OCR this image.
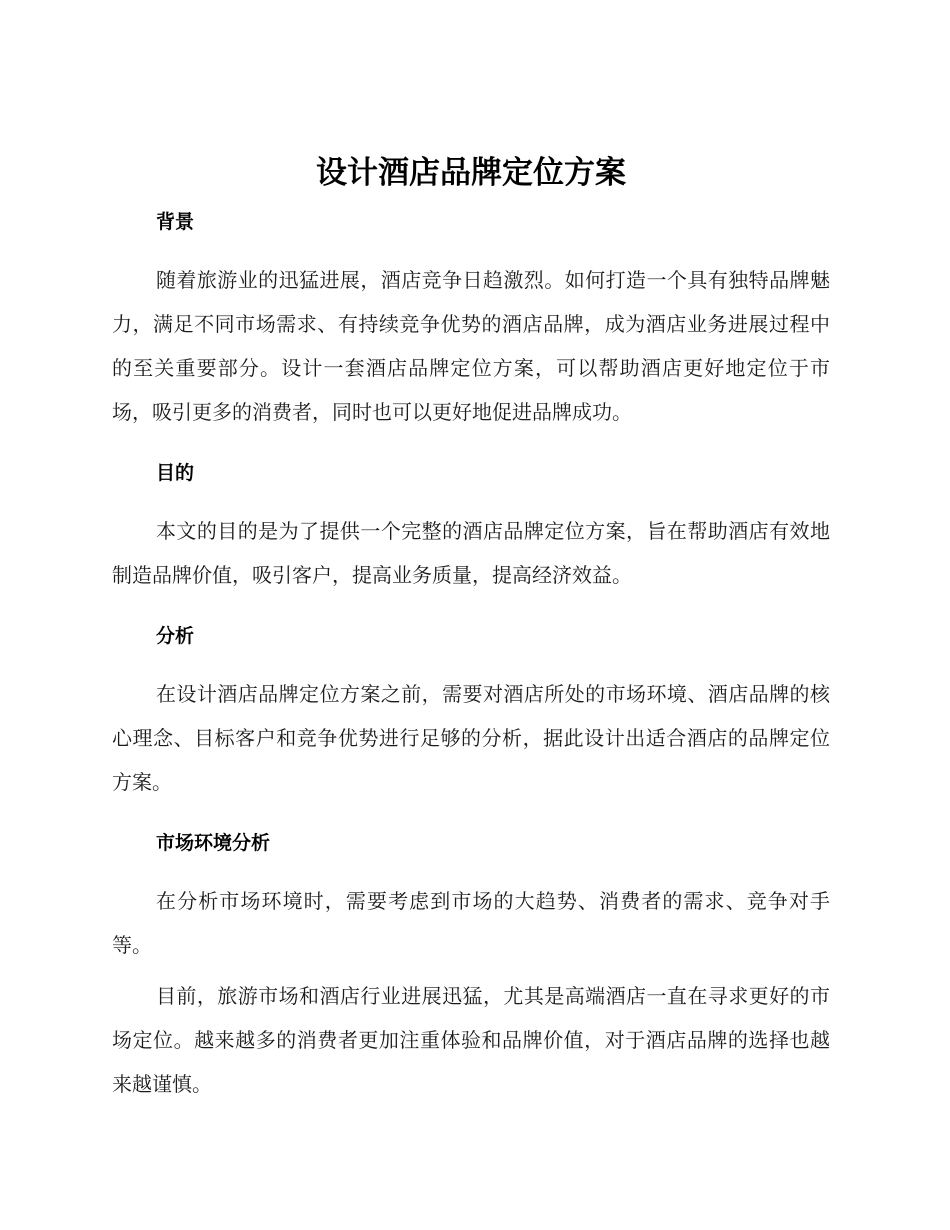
设计酒店品牌定位方案
背景

随着旅游业的迅猛进展，酒店竞争日趋激烈。如何打造一个具有独特品牌魅力，满足不同市场需求、有持续竞争优势的酒店品牌，成为酒店业务进展过程中的至关重要部分。设计一套酒店品牌定位方案，可以帮助酒店更好地定位于市场，吸引更多的消费者，同时也可以更好地促进品牌成功。

目的

本文的目的是为了提供一个完整的酒店品牌定位方案，旨在帮助酒店有效地制造品牌价值，吸引客户，提高业务质量，提高经济效益。

分析

在设计酒店品牌定位方案之前，需要对酒店所处的市场环境、酒店品牌的核心理念、目标客户和竞争优势进行足够的分析，据此设计出适合酒店的品牌定位方案。

市场环境分析

在分析市场环境时，需要考虑到市场的大趋势、消费者的需求、竞争对手等。

目前，旅游市场和酒店行业进展迅猛，尤其是高端酒店一直在寻求更好的市场定位。越来越多的消费者更加注重体验和品牌价值，对于酒店品牌的选择也越来越谨慎。
